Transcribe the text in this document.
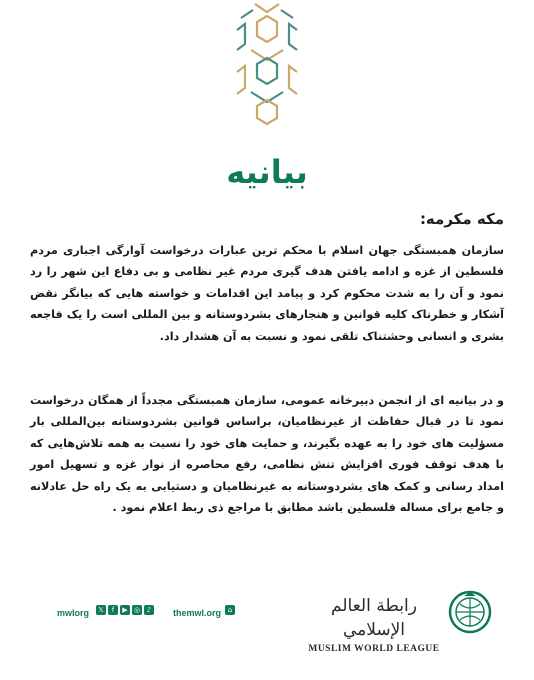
بیانیه
مکه مکرمه:
سازمان همبستگی جهان اسلام با محکم ترین عبارات درخواست آوارگی اجباری مردم فلسطین از غزه و ادامه یافتن هدف گیری مردم غیر نظامی و بی دفاع این شهر را رد نمود و آن را به شدت محکوم کرد و پیامد این اقدامات و خواسته هایی که بیانگر نقض آشکار و خطرناک کلیه قوانین و هنجارهای بشردوستانه و بین المللی است را یک فاجعه بشری و انسانی وحشتناک تلقی نمود و نسبت به آن هشدار داد.
و در بیانیه ای از انجمن دبیرخانه عمومی، سازمان همبستگی مجدداً از همگان درخواست نمود تا در قبال حفاظت از غیرنظامیان، براساس قوانین بشردوستانه بین‌المللی بار مسؤلیت های خود را به عهده بگیرند، و حمایت های خود را نسبت به همه تلاش‌هایی که با هدف توقف فوری افزایش تنش نظامی، رفع محاصره از نوار غزه و تسهیل امور امداد رسانی و کمک های بشردوستانه به غیرنظامیان و دستیابی به یک راه حل عادلانه و جامع برای مساله فلسطین باشد مطابق با مراجع ذی ربط اعلام نمود .
mwlorg	𝕏	f	▶ ◎ ♪	themwl.org ⌂	رابطة العالم الإسلامي
MUSLIM WORLD LEAGUE
